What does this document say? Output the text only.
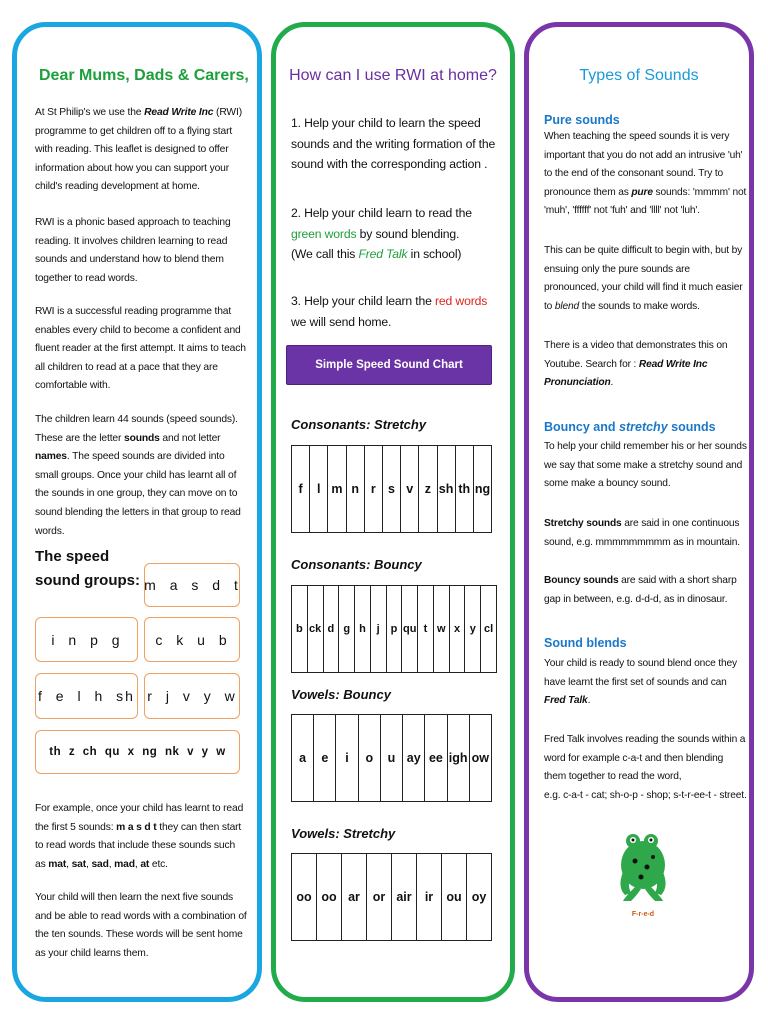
Dear Mums, Dads & Carers,

At St Philip's we use the Read Write Inc (RWI) programme to get children off to a flying start with reading. This leaflet is designed to offer information about how you can support your child's reading development at home.

RWI is a phonic based approach to teaching reading. It involves children learning to read sounds and understand how to blend them together to read words.

RWI is a successful reading programme that enables every child to become a confident and fluent reader at the first attempt. It aims to teach all children to read at a pace that they are comfortable with.

The children learn 44 sounds (speed sounds). These are the letter sounds and not letter names. The speed sounds are divided into small groups. Once your child has learnt all of the sounds in one group, they can move on to sound blending the letters in that group to read words.

The speed sound groups: m a s d t
i n p g	c k u b
f e l h sh r j v y w
th z ch qu x ng nk v y w

For example, once your child has learnt to read the first 5 sounds: m a s d t they can then start to read words that include these sounds such as mat, sat, sad, mad, at etc.

Your child will then learn the next five sounds and be able to read words with a combination of the ten sounds. These words will be sent home as your child learns them.

How can I use RWI at home?

1. Help your child to learn the speed sounds and the writing formation of the sound with the corresponding action .

2. Help your child learn to read the green words by sound blending.
(We call this Fred Talk in school)

3. Help your child learn the red words we will send home.

Simple Speed Sound Chart
Consonants: Stretchy
f	l m n r s v z sh th ng
Consonants: Bouncy
b ck d g h j p qu t w x y cl
Vowels: Bouncy
a	e	i	o	u ay ee igh ow
Vowels: Stretchy
oo oo ar	or air	ir	ou oy
Types of Sounds
Pure sounds

When teaching the speed sounds it is very important that you do not add an intrusive 'uh' to the end of the consonant sound. Try to pronounce them as pure sounds: 'mmmm' not 'muh', 'ffffff' not 'fuh' and 'llll' not 'luh'.

This can be quite difficult to begin with, but by ensuing only the pure sounds are pronounced, your child will find it much easier to blend the sounds to make words.

There is a video that demonstrates this on Youtube. Search for : Read Write Inc Pronunciation.

Bouncy and stretchy sounds

To help your child remember his or her sounds we say that some make a stretchy sound and some make a bouncy sound.

Stretchy sounds are said in one continuous sound, e.g. mmmmmmmmm as in mountain.

Bouncy sounds are said with a short sharp gap in between, e.g. d-d-d, as in dinosaur.

Sound blends

Your child is ready to sound blend once they have learnt the first set of sounds and can Fred Talk.

Fred Talk involves reading the sounds within a word for example c-a-t and then blending them together to read the word,
e.g. c-a-t - cat; sh-o-p - shop; s-t-r-ee-t - street.

F-r-e-d
